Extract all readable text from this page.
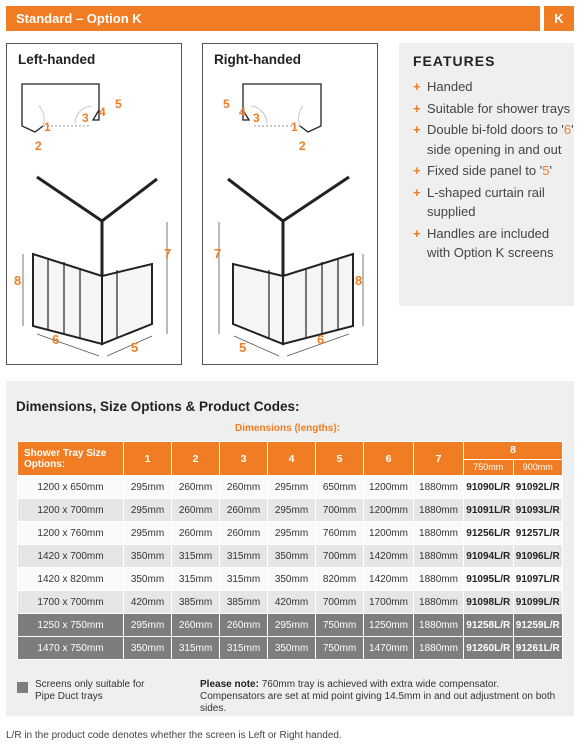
Standard – Option K	K
Left-handed
1
2
3 4
5
7
8
6
5
Right-handed
5
4 3
1
2
7
8
5
6
FEATURES
+ Handed
+ Suitable for shower trays
+ Double bi-fold doors to '6' side opening in and out
+ Fixed side panel to '5'
+ L-shaped curtain rail supplied
+ Handles are included with Option K screens
Dimensions, Size Options & Product Codes:
Dimensions (lengths):
Shower Tray Size Options:	1	2	3	4	5	6	7	8
750mm 900mm	

1200 x 650mm	295mm	260mm	260mm	295mm	650mm	1200mm	1880mm	91090L/R	91092L/R
1200 x 700mm	295mm	260mm	260mm	295mm	700mm	1200mm	1880mm	91091L/R	91093L/R
1200 x 760mm	295mm	260mm	260mm	295mm	760mm	1200mm	1880mm	91256L/R	91257L/R
1420 x 700mm	350mm	315mm	315mm	350mm	700mm	1420mm	1880mm	91094L/R	91096L/R
1420 x 820mm	350mm	315mm	315mm	350mm	820mm	1420mm	1880mm	91095L/R	91097L/R
1700 x 700mm	420mm	385mm	385mm	420mm	700mm	1700mm	1880mm	91098L/R	91099L/R
1250 x 750mm	295mm	260mm	260mm	295mm	750mm	1250mm	1880mm	91258L/R	91259L/R
1470 x 750mm	350mm	315mm	315mm	350mm	750mm	1470mm	1880mm	91260L/R	91261L/R
Screens only suitable for Pipe Duct trays
Please note: 760mm tray is achieved with extra wide compensator. Compensators are set at mid point giving 14.5mm in and out adjustment on both sides.
L/R in the product code denotes whether the screen is Left or Right handed.
